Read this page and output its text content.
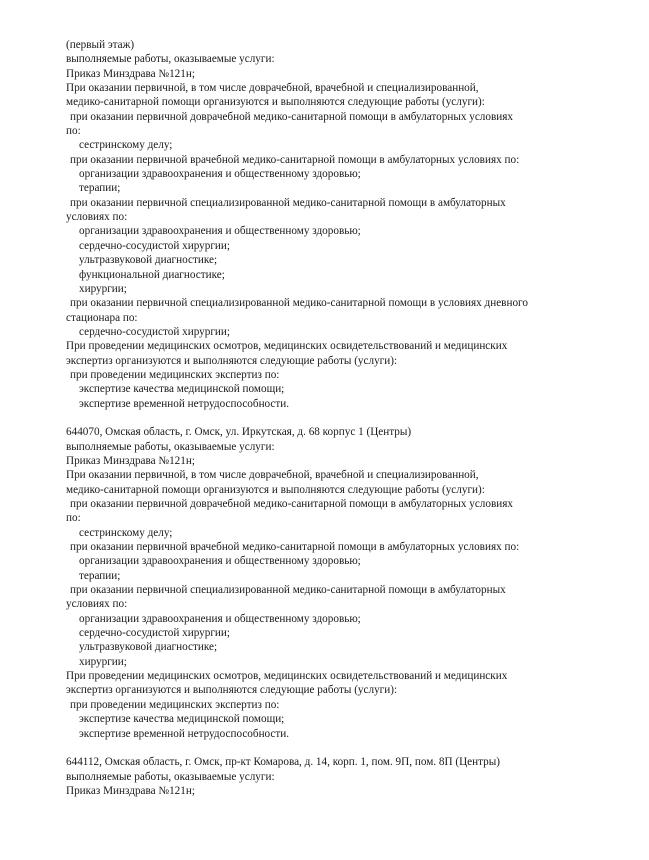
(первый этаж)
выполняемые работы, оказываемые услуги:
Приказ Минздрава №121н;
При оказании первичной, в том числе доврачебной, врачебной и специализированной,
медико-санитарной помощи организуются и выполняются следующие работы (услуги):
при оказании первичной доврачебной медико-санитарной помощи в амбулаторных условиях
по:
сестринскому делу;
при оказании первичной врачебной медико-санитарной помощи в амбулаторных условиях по:
организации здравоохранения и общественному здоровью;
терапии;
при оказании первичной специализированной медико-санитарной помощи в амбулаторных
условиях по:
организации здравоохранения и общественному здоровью;
сердечно-сосудистой хирургии;
ультразвуковой диагностике;
функциональной диагностике;
хирургии;
при оказании первичной специализированной медико-санитарной помощи в условиях дневного
стационара по:
сердечно-сосудистой хирургии;
При проведении медицинских осмотров, медицинских освидетельствований и медицинских
экспертиз организуются и выполняются следующие работы (услуги):
при проведении медицинских экспертиз по:
экспертизе качества медицинской помощи;
экспертизе временной нетрудоспособности.
644070, Омская область, г. Омск, ул. Иркутская, д. 68 корпус 1 (Центры)
выполняемые работы, оказываемые услуги:
Приказ Минздрава №121н;
При оказании первичной, в том числе доврачебной, врачебной и специализированной,
медико-санитарной помощи организуются и выполняются следующие работы (услуги):
при оказании первичной доврачебной медико-санитарной помощи в амбулаторных условиях
по:
сестринскому делу;
при оказании первичной врачебной медико-санитарной помощи в амбулаторных условиях по:
организации здравоохранения и общественному здоровью;
терапии;
при оказании первичной специализированной медико-санитарной помощи в амбулаторных
условиях по:
организации здравоохранения и общественному здоровью;
сердечно-сосудистой хирургии;
ультразвуковой диагностике;
хирургии;
При проведении медицинских осмотров, медицинских освидетельствований и медицинских
экспертиз организуются и выполняются следующие работы (услуги):
при проведении медицинских экспертиз по:
экспертизе качества медицинской помощи;
экспертизе временной нетрудоспособности.
644112, Омская область, г. Омск, пр-кт Комарова, д. 14, корп. 1, пом. 9П, пом. 8П (Центры)
выполняемые работы, оказываемые услуги:
Приказ Минздрава №121н;
